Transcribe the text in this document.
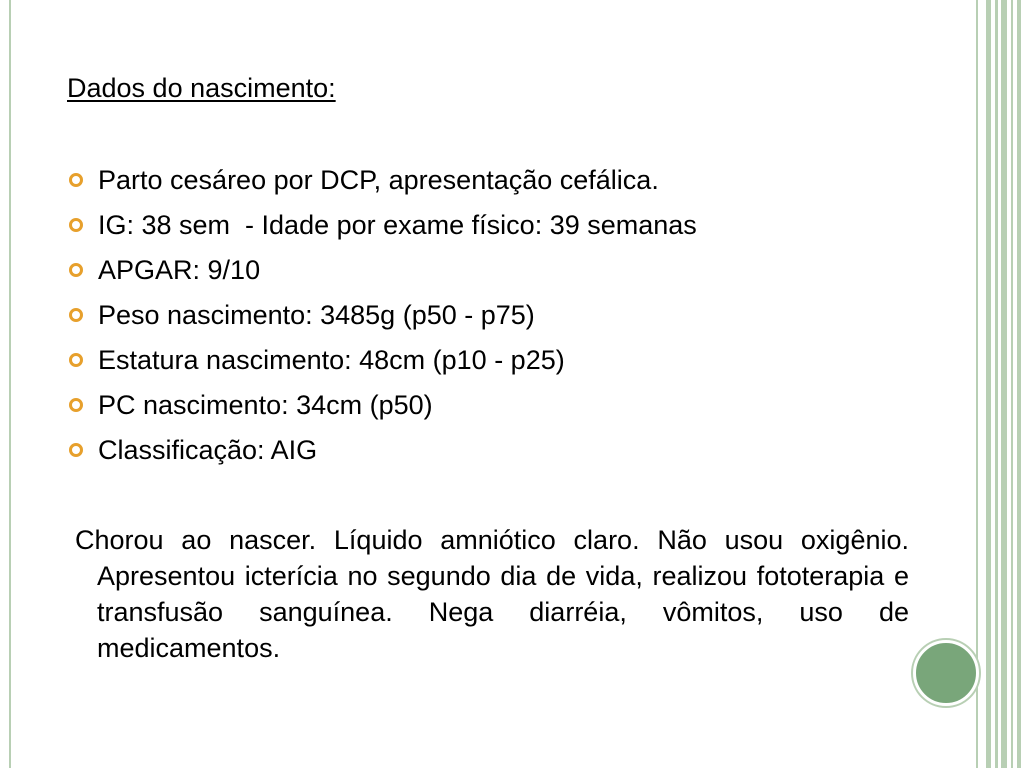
Dados do nascimento:
Parto cesáreo por DCP, apresentação cefálica.
IG: 38 sem  - Idade por exame físico: 39 semanas
APGAR: 9/10
Peso nascimento: 3485g (p50 - p75)
Estatura nascimento: 48cm (p10 - p25)
PC nascimento: 34cm (p50)
Classificação: AIG

Chorou ao nascer. Líquido amniótico claro. Não usou oxigênio. Apresentou icterícia no segundo dia de vida, realizou fototerapia e transfusão sanguínea. Nega diarréia, vômitos, uso de medicamentos.
